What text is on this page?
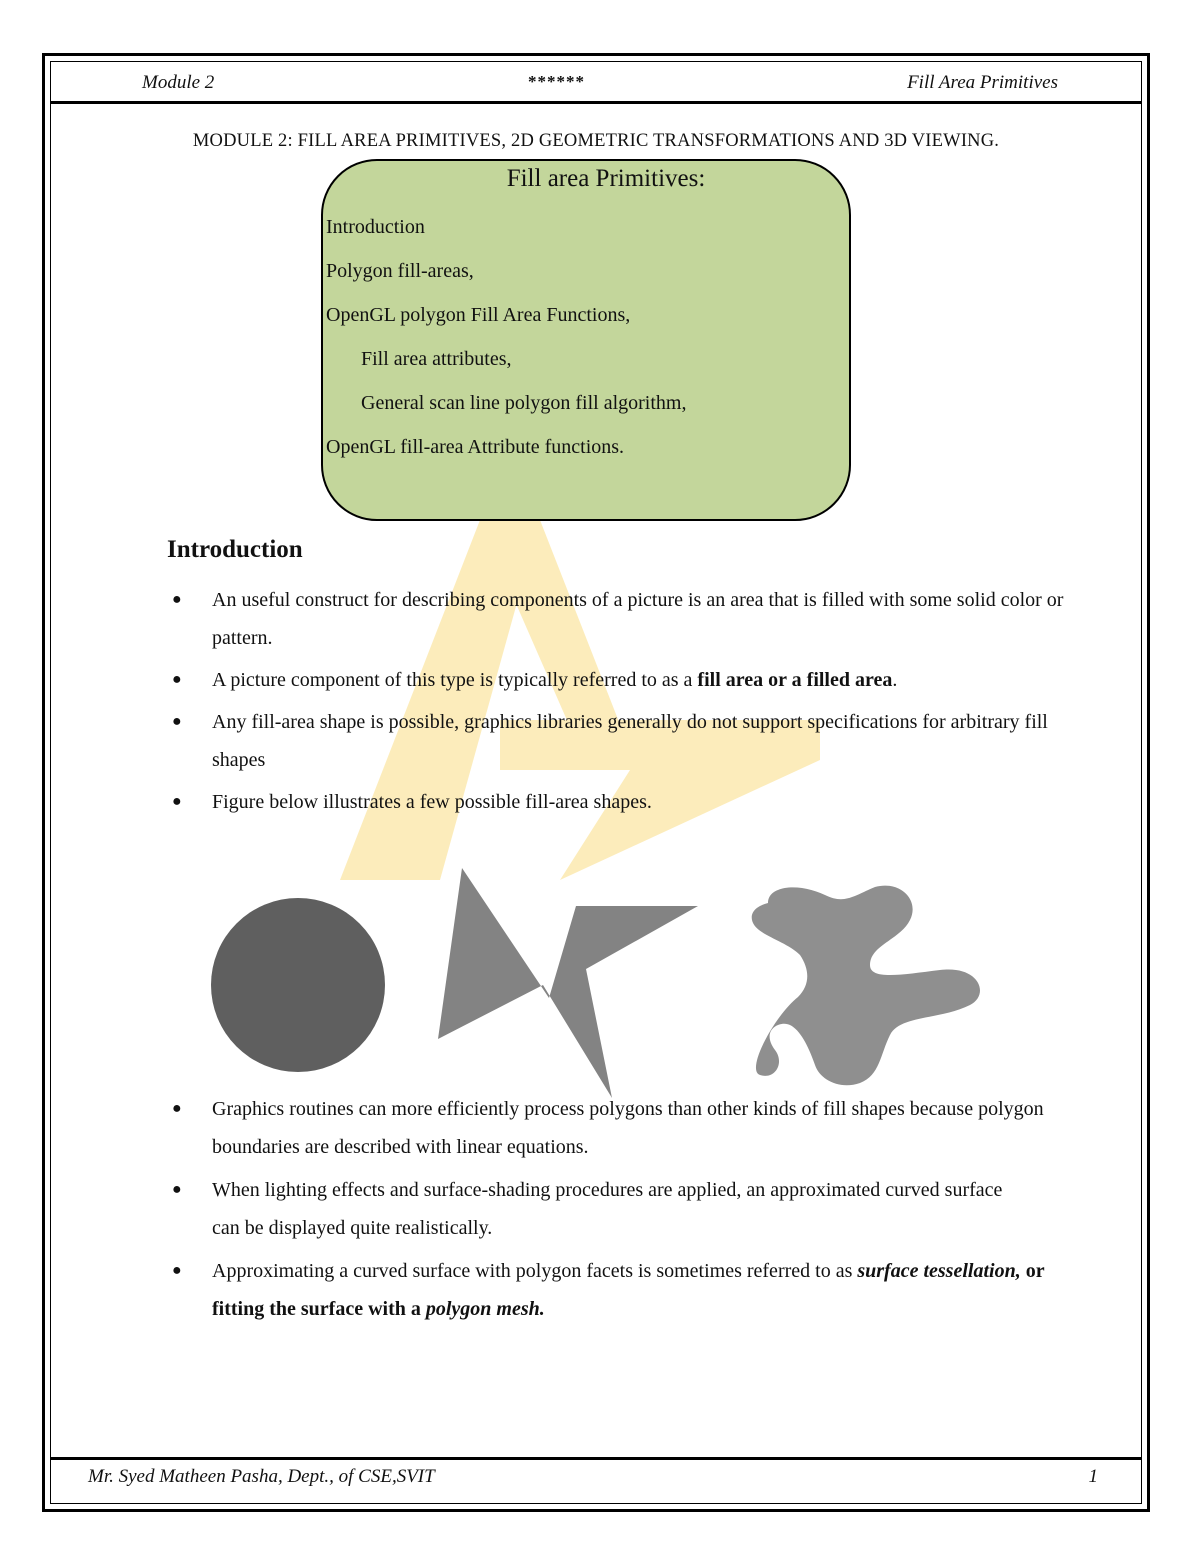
Module 2	******	Fill Area Primitives
MODULE 2: FILL AREA PRIMITIVES, 2D GEOMETRIC TRANSFORMATIONS AND 3D VIEWING.
Fill area Primitives:
Introduction
Polygon fill-areas,
OpenGL polygon Fill Area Functions,
Fill area attributes,
General scan line polygon fill algorithm,
OpenGL fill-area Attribute functions.
Introduction
● An useful construct for describing components of a picture is an area that is filled with some solid color or pattern.

● A picture component of this type is typically referred to as a fill area or a filled area.

● Any fill-area shape is possible, graphics libraries generally do not support specifications for arbitrary fill shapes

● Figure below illustrates a few possible fill-area shapes.

● Graphics routines can more efficiently process polygons than other kinds of fill shapes because polygon boundaries are described with linear equations.

● When lighting effects and surface-shading procedures are applied, an approximated curved surface can be displayed quite realistically.

● Approximating a curved surface with polygon facets is sometimes referred to as surface tessellation, or fitting the surface with a polygon mesh.

Mr. Syed Matheen Pasha, Dept., of CSE,SVIT	1
